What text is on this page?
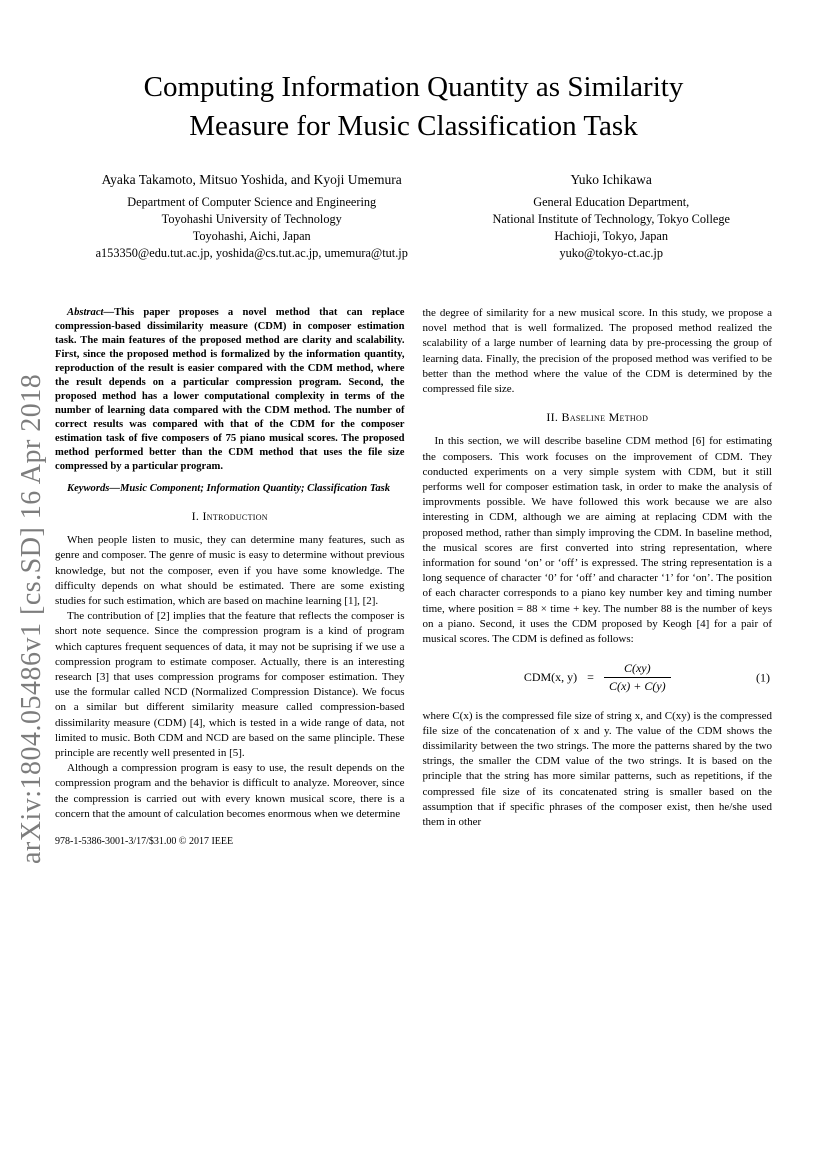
arXiv:1804.05486v1 [cs.SD] 16 Apr 2018
Computing Information Quantity as Similarity
Measure for Music Classification Task
Ayaka Takamoto, Mitsuo Yoshida, and Kyoji Umemura
Department of Computer Science and Engineering
Toyohashi University of Technology
Toyohashi, Aichi, Japan
a153350@edu.tut.ac.jp, yoshida@cs.tut.ac.jp, umemura@tut.jp
Yuko Ichikawa
General Education Department,
National Institute of Technology, Tokyo College
Hachioji, Tokyo, Japan
yuko@tokyo-ct.ac.jp

Abstract—This paper proposes a novel method that can replace compression-based dissimilarity measure (CDM) in composer estimation task. The main features of the proposed method are clarity and scalability. First, since the proposed method is formalized by the information quantity, reproduction of the result is easier compared with the CDM method, where the result depends on a particular compression program. Second, the proposed method has a lower computational complexity in terms of the number of learning data compared with the CDM method. The number of correct results was compared with that of the CDM for the composer estimation task of five composers of 75 piano musical scores. The proposed method performed better than the CDM method that uses the file size compressed by a particular program.

Keywords—Music Component; Information Quantity; Classification Task

I. Introduction

When people listen to music, they can determine many features, such as genre and composer. The genre of music is easy to determine without previous knowledge, but not the composer, even if you have some knowledge. The difficulty depends on what should be estimated. There are some existing studies for such estimation, which are based on machine learning [1], [2].

The contribution of [2] implies that the feature that reflects the composer is short note sequence. Since the compression program is a kind of program which captures frequent sequences of data, it may not be suprising if we use a compression program to estimate composer. Actually, there is an interesting research [3] that uses compression programs for composer estimation. They use the formular called NCD (Normalized Compression Distance). We focus on a similar but different similarity measure called compression-based dissimilarity measure (CDM) [4], which is tested in a wide range of data, not limited to music. Both CDM and NCD are based on the same plinciple. These principle are recently well presented in [5].

Although a compression program is easy to use, the result depends on the compression program and the behavior is difficult to analyze. Moreover, since the compression is carried out with every known musical score, there is a concern that the amount of calculation becomes enormous when we determine

978-1-5386-3001-3/17/$31.00 © 2017 IEEE

the degree of similarity for a new musical score. In this study, we propose a novel method that is well formalized. The proposed method realized the scalability of a large number of learning data by pre-processing the group of learning data. Finally, the precision of the proposed method was verified to be better than the method where the value of the CDM is determined by the compressed file size.

II. Baseline Method

In this section, we will describe baseline CDM method [6] for estimating the composers. This work focuses on the improvement of CDM. They conducted experiments on a very simple system with CDM, but it still performs well for composer estimation task, in order to make the analysis of improvments possible. We have followed this work because we are also interesting in CDM, although we are aiming at replacing CDM with the proposed method, rather than simply improving the CDM. In baseline method, the musical scores are first converted into string representation, where information for sound ‘on’ or ‘off’ is expressed. The string representation is a long sequence of character ‘0’ for ‘off’ and character ‘1’ for ‘on’. The position of each character corresponds to a piano key number key and timing number time, where position = 88 × time + key. The number 88 is the number of keys on a piano. Second, it uses the CDM proposed by Keogh [4] for a pair of musical scores. The CDM is defined as follows:

CDM(x, $y) = \frac{C(xy)}{C(x) + C(y)}$	(1)

where C(x) is the compressed file size of string x, and C(xy) is the compressed file size of the concatenation of x and y. The value of the CDM shows the dissimilarity between the two strings. The more the patterns shared by the two strings, the smaller the CDM value of the two strings. It is based on the principle that the string has more similar patterns, such as repetitions, if the compressed file size of its concatenated string is smaller based on the assumption that if specific phrases of the composer exist, then he/she used them in other
